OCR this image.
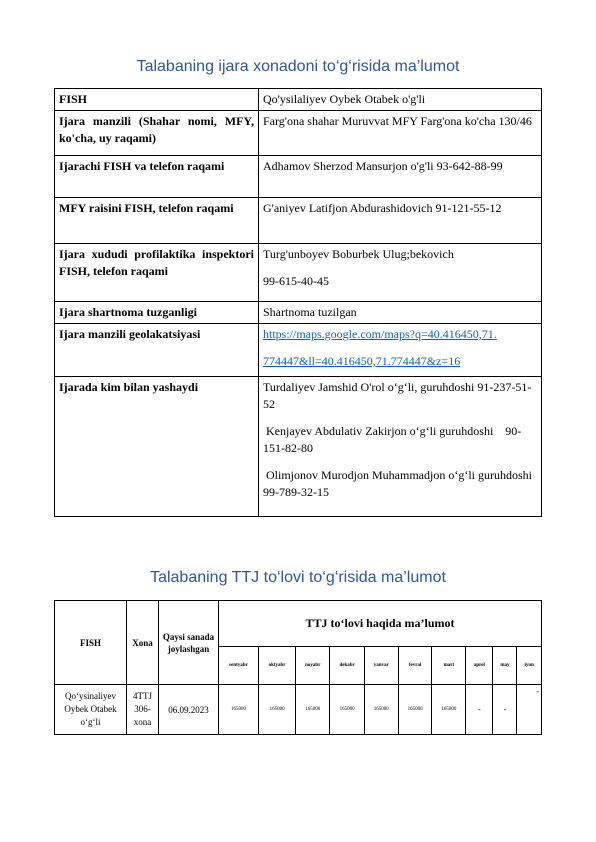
Talabaning ijara xonadoni to‘g‘risida ma’lumot
FISH	Qo'ysilaliyev Oybek Otabek o'g'li

Ijara manzili (Shahar nomi, MFY, ko'cha, uy raqami)	Farg'ona shahar Muruvvat MFY Farg'ona ko'cha 130/46

Ijarachi FISH va telefon raqami	Adhamov Sherzod Mansurjon o'g'li 93-642-88-99

MFY raisini FISH, telefon raqami	G'aniyev Latifjon Abdurashidovich 91-121-55-12

Ijara xududi profilaktika inspektori FISH, telefon raqami	Turg'unboyev Boburbek Ulug;bekovich

99-615-40-45

Ijara shartnoma tuzganligi	Shartnoma tuzilgan

Ijara manzili geolakatsiyasi	https://maps.google.com/maps?q=40.416450,71.

774447&ll=40.416450,71.774447&z=16

Ijarada kim bilan yashaydi	Turdaliyev Jamshid O'rol o‘g‘li, guruhdoshi 91-237-51-52

Kenjayev Abdulativ Zakirjon o‘g‘li guruhdoshi    90-151-82-80

Olimjonov Murodjon Muhammadjon o‘g‘li guruhdoshi  99-789-32-15

Talabaning TTJ to‘lovi to‘g‘risida ma’lumot
FISH	Xona	Qaysi sanada joylashgan	TTJ to‘lovi haqida ma’lumot									
			sentyabr	oktyabr	noyabr	dekabr	yanvar	fevral	mart	aprel	may	iyun
Qo‘ysinaliyev Oybek Otabek o‘g‘li	4TTJ 306-xona	06.09.2023	165000	165000	165000	165000	165000	165000	165000	-	-	-
